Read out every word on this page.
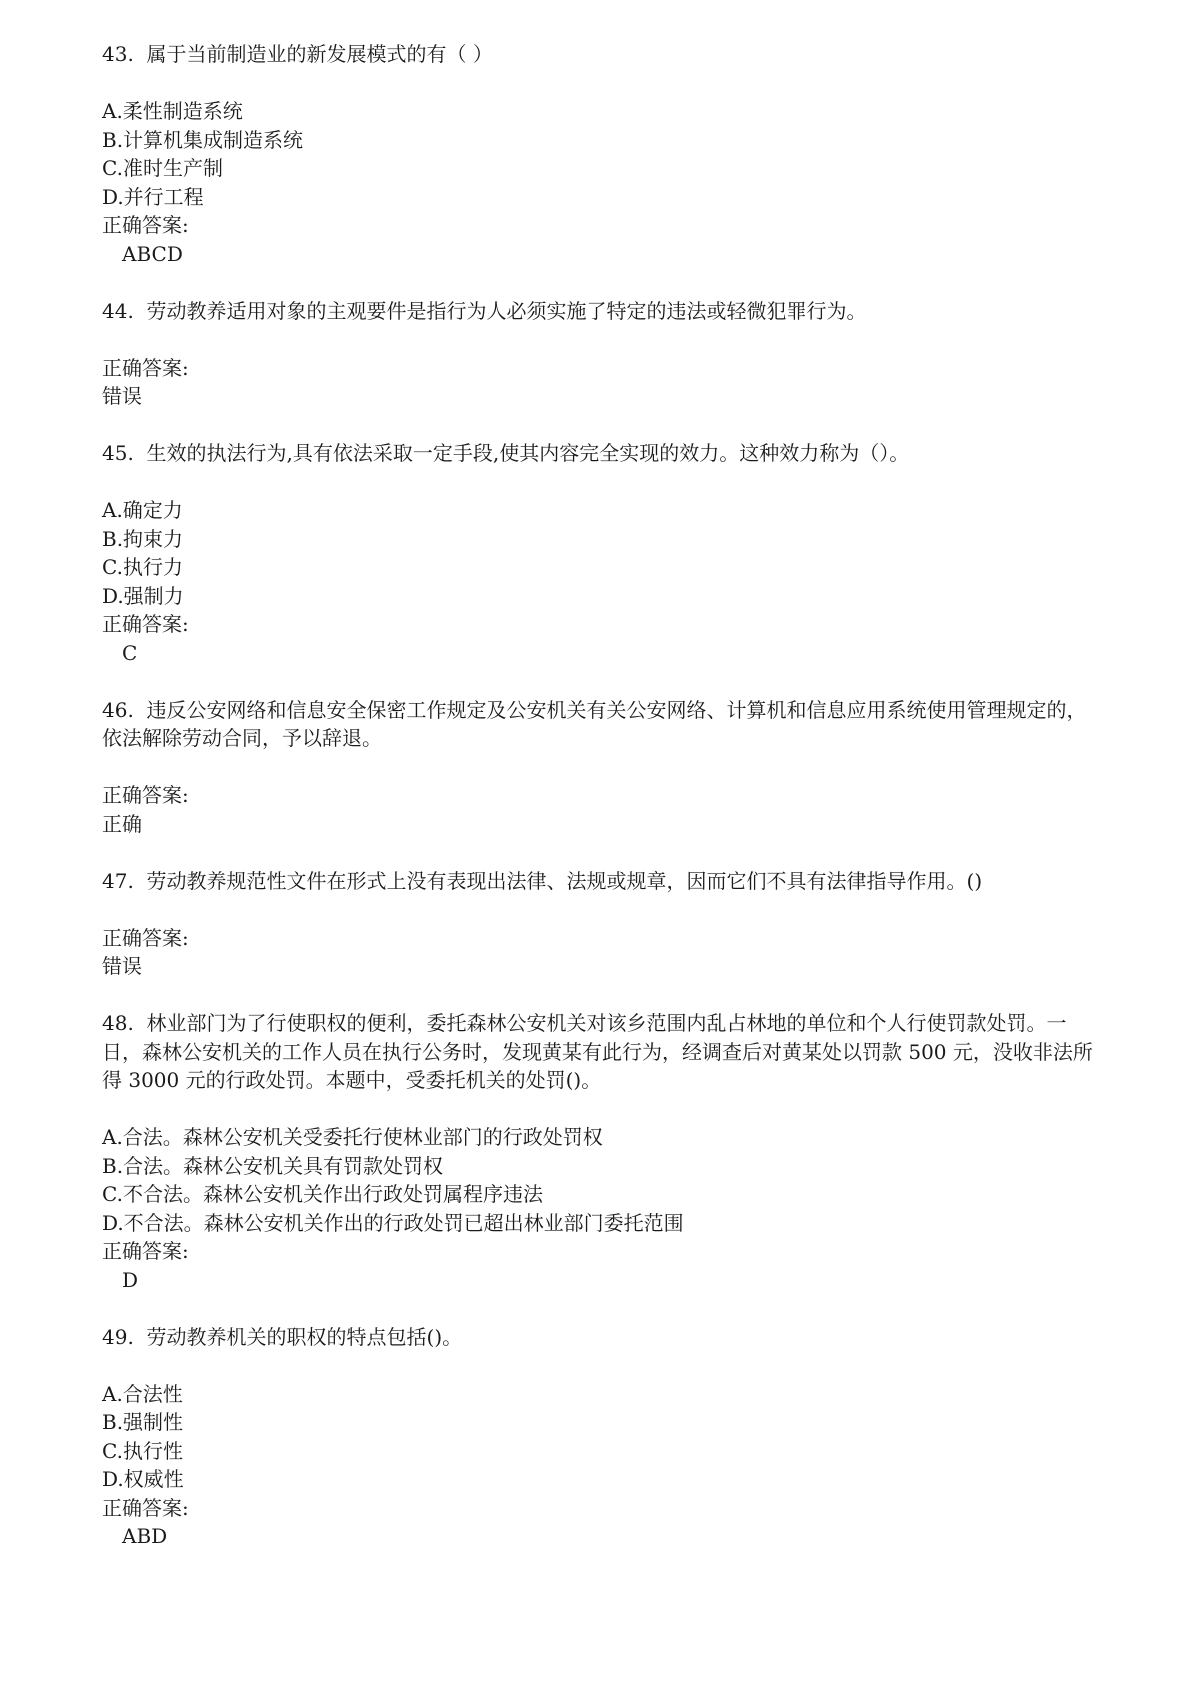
43. 属于当前制造业的新发展模式的有（ ）

A.柔性制造系统

B.计算机集成制造系统

C.准时生产制

D.并行工程

正确答案:

ABCD

44. 劳动教养适用对象的主观要件是指行为人必须实施了特定的违法或轻微犯罪行为。

正确答案:

错误

45. 生效的执法行为,具有依法采取一定手段,使其内容完全实现的效力。这种效力称为（）。

A.确定力

B.拘束力

C.执行力

D.强制力

正确答案:

C

46. 违反公安网络和信息安全保密工作规定及公安机关有关公安网络、计算机和信息应用系统使用管理规定的，依法解除劳动合同，予以辞退。

正确答案:

正确

47. 劳动教养规范性文件在形式上没有表现出法律、法规或规章，因而它们不具有法律指导作用。()

正确答案:

错误

48. 林业部门为了行使职权的便利，委托森林公安机关对该乡范围内乱占林地的单位和个人行使罚款处罚。一日，森林公安机关的工作人员在执行公务时，发现黄某有此行为，经调查后对黄某处以罚款 500 元，没收非法所得 3000 元的行政处罚。本题中，受委托机关的处罚()。

A.合法。森林公安机关受委托行使林业部门的行政处罚权

B.合法。森林公安机关具有罚款处罚权

C.不合法。森林公安机关作出行政处罚属程序违法

D.不合法。森林公安机关作出的行政处罚已超出林业部门委托范围

正确答案:

D

49. 劳动教养机关的职权的特点包括()。

A.合法性

B.强制性

C.执行性

D.权威性

正确答案:

ABD
